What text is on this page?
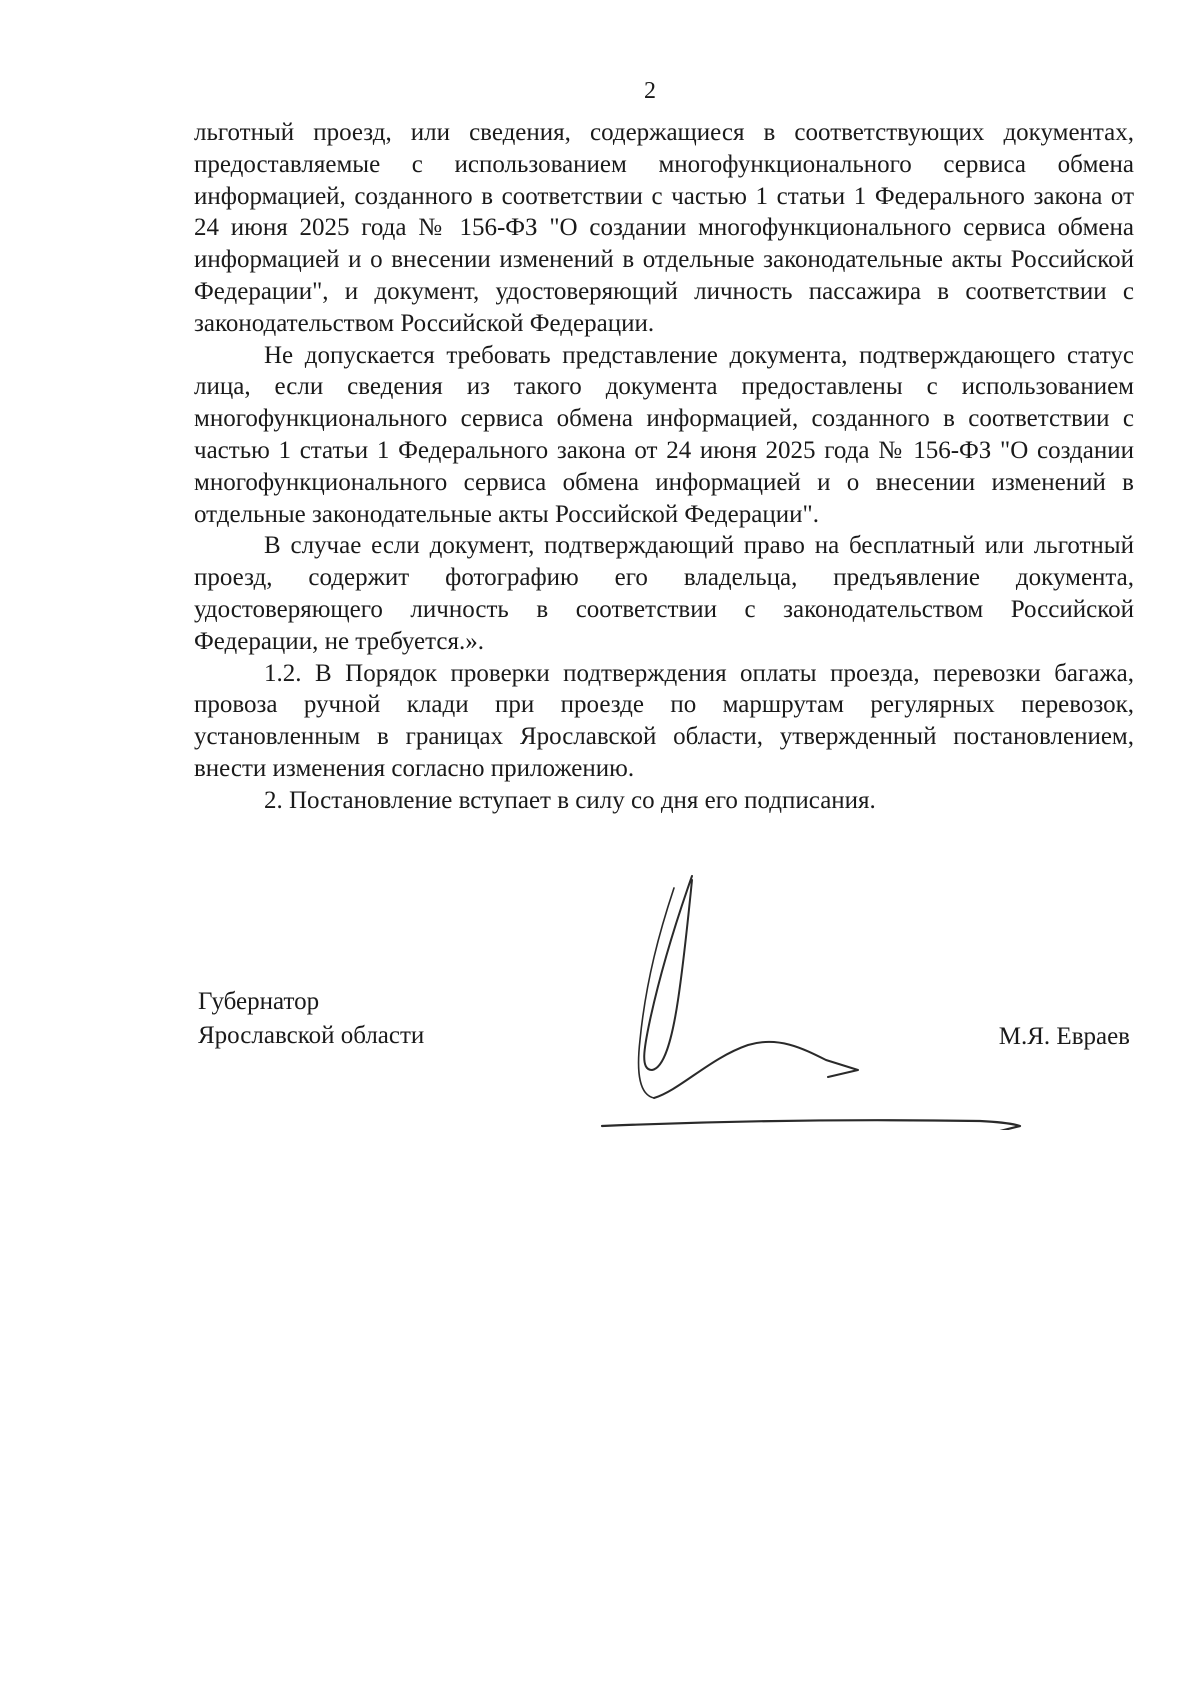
2

льготный проезд, или сведения, содержащиеся в соответствующих документах, предоставляемые с использованием многофункционального сервиса обмена информацией, созданного в соответствии с частью 1 статьи 1 Федерального закона от 24 июня 2025 года № 156-ФЗ "О создании многофункционального сервиса обмена информацией и о внесении изменений в отдельные законодательные акты Российской Федерации", и документ, удостоверяющий личность пассажира в соответствии с законодательством Российской Федерации.

Не допускается требовать представление документа, подтверждающего статус лица, если сведения из такого документа предоставлены с использованием многофункционального сервиса обмена информацией, созданного в соответствии с частью 1 статьи 1 Федерального закона от 24 июня 2025 года № 156-ФЗ "О создании многофункционального сервиса обмена информацией и о внесении изменений в отдельные законодательные акты Российской Федерации".

В случае если документ, подтверждающий право на бесплатный или льготный проезд, содержит фотографию его владельца, предъявление документа, удостоверяющего личность в соответствии с законодательством Российской Федерации, не требуется.».

1.2. В Порядок проверки подтверждения оплаты проезда, перевозки багажа, провоза ручной клади при проезде по маршрутам регулярных перевозок, установленным в границах Ярославской области, утвержденный постановлением, внести изменения согласно приложению.

2. Постановление вступает в силу со дня его подписания.

Губернатор
Ярославской области	М.Я. Евраев
